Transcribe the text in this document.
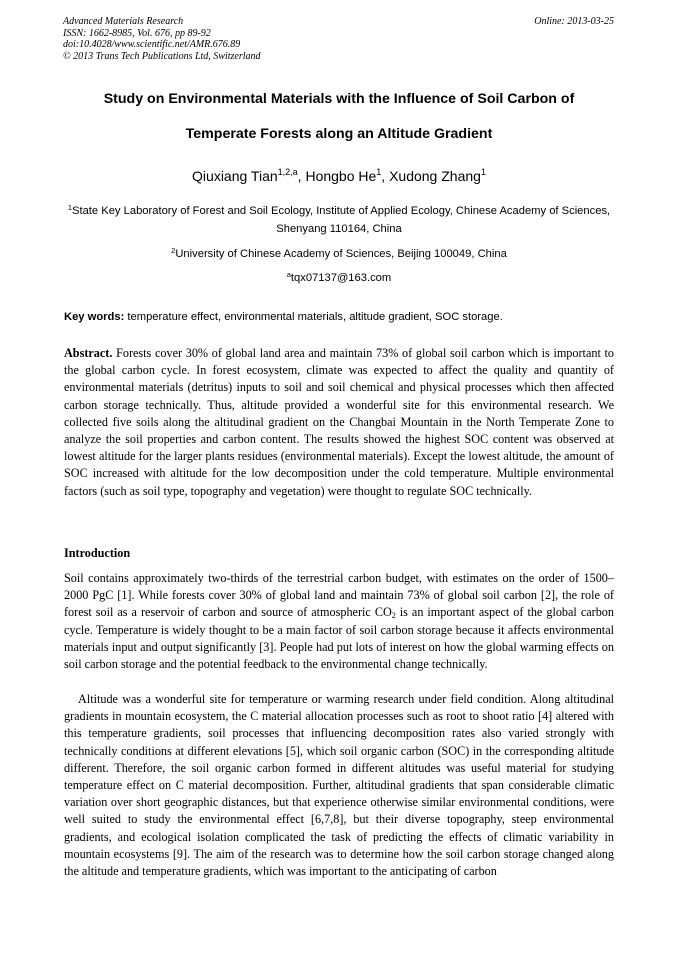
Advanced Materials Research
ISSN: 1662-8985, Vol. 676, pp 89-92
doi:10.4028/www.scientific.net/AMR.676.89
© 2013 Trans Tech Publications Ltd, Switzerland
Online: 2013-03-25
Study on Environmental Materials with the Influence of Soil Carbon of
Temperate Forests along an Altitude Gradient
Qiuxiang Tian$^{1,2,a}$, Hongbo He$^1$, Xudong Zhang$^1$
$^1$State Key Laboratory of Forest and Soil Ecology, Institute of Applied Ecology, Chinese Academy of Sciences, Shenyang 110164, China
$^2$University of Chinese Academy of Sciences, Beijing 100049, China
$^a$tqx07137@163.com
Key words: temperature effect, environmental materials, altitude gradient, SOC storage.
Abstract. Forests cover 30% of global land area and maintain 73% of global soil carbon which is important to the global carbon cycle. In forest ecosystem, climate was expected to affect the quality and quantity of environmental materials (detritus) inputs to soil and soil chemical and physical processes which then affected carbon storage technically. Thus, altitude provided a wonderful site for this environmental research. We collected five soils along the altitudinal gradient on the Changbai Mountain in the North Temperate Zone to analyze the soil properties and carbon content. The results showed the highest SOC content was observed at lowest altitude for the larger plants residues (environmental materials). Except the lowest altitude, the amount of SOC increased with altitude for the low decomposition under the cold temperature. Multiple environmental factors (such as soil type, topography and vegetation) were thought to regulate SOC technically.
Introduction
Soil contains approximately two-thirds of the terrestrial carbon budget, with estimates on the order of 1500–2000 PgC [1]. While forests cover 30% of global land and maintain 73% of global soil carbon [2], the role of forest soil as a reservoir of carbon and source of atmospheric $CO_2$ is an important aspect of the global carbon cycle. Temperature is widely thought to be a main factor of soil carbon storage because it affects environmental materials input and output significantly [3]. People had put lots of interest on how the global warming effects on soil carbon storage and the potential feedback to the environmental change technically.
Altitude was a wonderful site for temperature or warming research under field condition. Along altitudinal gradients in mountain ecosystem, the C material allocation processes such as root to shoot ratio [4] altered with this temperature gradients, soil processes that influencing decomposition rates also varied strongly with technically conditions at different elevations [5], which soil organic carbon (SOC) in the corresponding altitude different. Therefore, the soil organic carbon formed in different altitudes was useful material for studying temperature effect on C material decomposition. Further, altitudinal gradients that span considerable climatic variation over short geographic distances, but that experience otherwise similar environmental conditions, were well suited to study the environmental effect [6,7,8], but their diverse topography, steep environmental gradients, and ecological isolation complicated the task of predicting the effects of climatic variability in mountain ecosystems [9]. The aim of the research was to determine how the soil carbon storage changed along the altitude and temperature gradients, which was important to the anticipating of carbon
